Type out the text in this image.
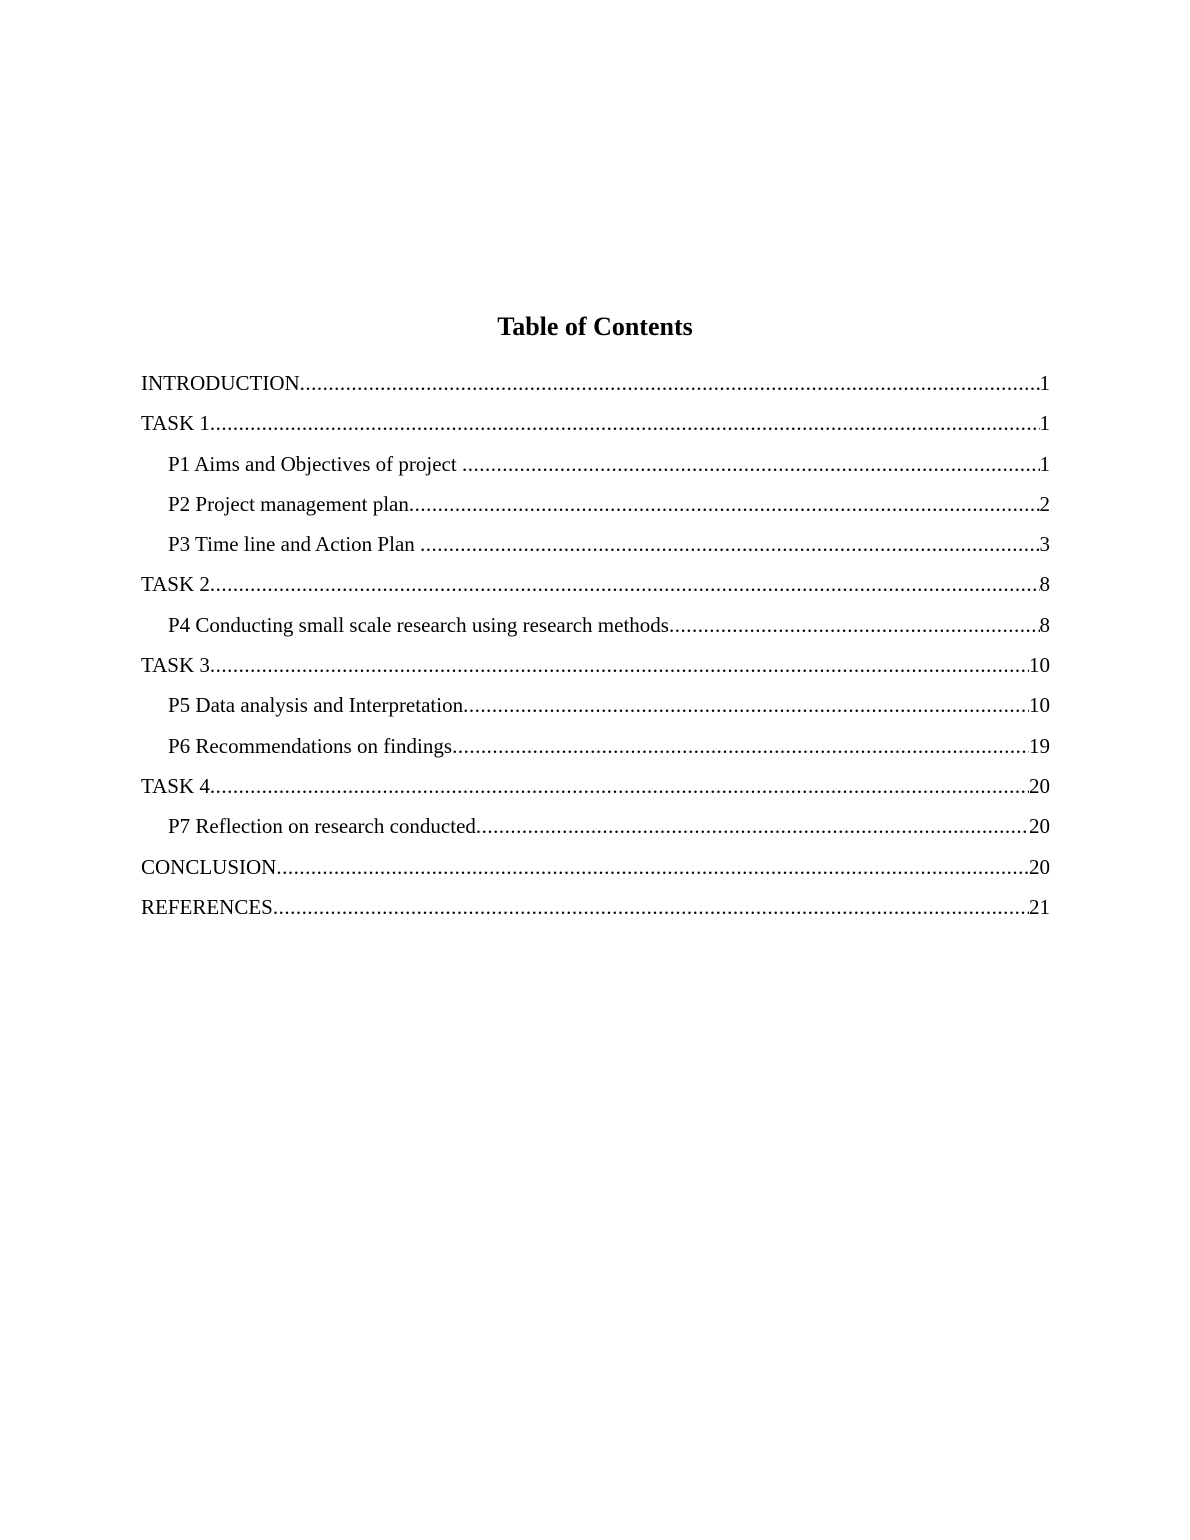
Table of Contents
INTRODUCTION .....	1
TASK 1 .....	1
P1 Aims and Objectives of project .....	1
P2 Project management plan .....	2
P3 Time line and Action Plan .....	3
TASK 2 .....	8
P4 Conducting small scale research using research methods .....	8
TASK 3 .....	10
P5 Data analysis and Interpretation .....	10
P6 Recommendations on findings .....	19
TASK 4 .....	20
P7 Reflection on research conducted .....	20
CONCLUSION .....	20
REFERENCES .....	21
